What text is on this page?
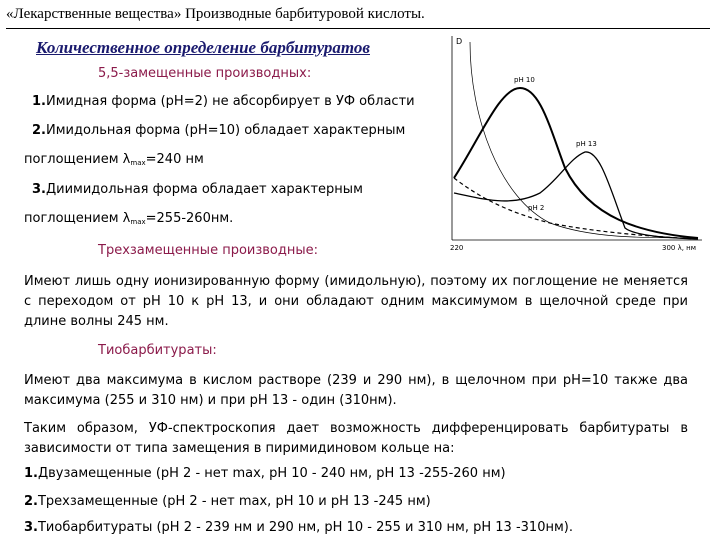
«Лекарственные вещества» Производные барбитуровой кислоты.
Количественное определение барбитуратов
5,5-замещенные производных:
1.Имидная форма (рН=2) не абсорбирует в УФ области
2.Имидольная форма (рН=10) обладает характерным
поглощением $\lambda_{max}=240$ нм
3.Диимидольная форма обладает характерным
поглощением $\lambda_{max}=255-260нм$.
D
220	300 λ, нм
рН 10
рН 13
рН 2
Трехзамещенные производные:
Имеют лишь одну ионизированную форму (имидольную), поэтому их поглощение не меняется с переходом от рН 10 к рН 13, и они обладают одним максимумом в щелочной среде при длине волны 245 нм.
Тиобарбитураты:
Имеют два максимума в кислом растворе (239 и 290 нм), в щелочном при рН=10 также два максимума (255 и 310 нм) и при рН 13 - один (310нм).
Таким образом, УФ-спектроскопия дает возможность дифференцировать барбитураты в зависимости от типа замещения в пиримидиновом кольце на:
1.Двузамещенные (рН 2 - нет max, рН 10 - 240 нм, рН 13 -255-260 нм)
2.Трехзамещенные (рН 2 - нет max, рН 10 и рН 13 -245 нм)
3.Тиобарбитураты (рН 2 - 239 нм и 290 нм, рН 10 - 255 и 310 нм, рН 13 -310нм).
